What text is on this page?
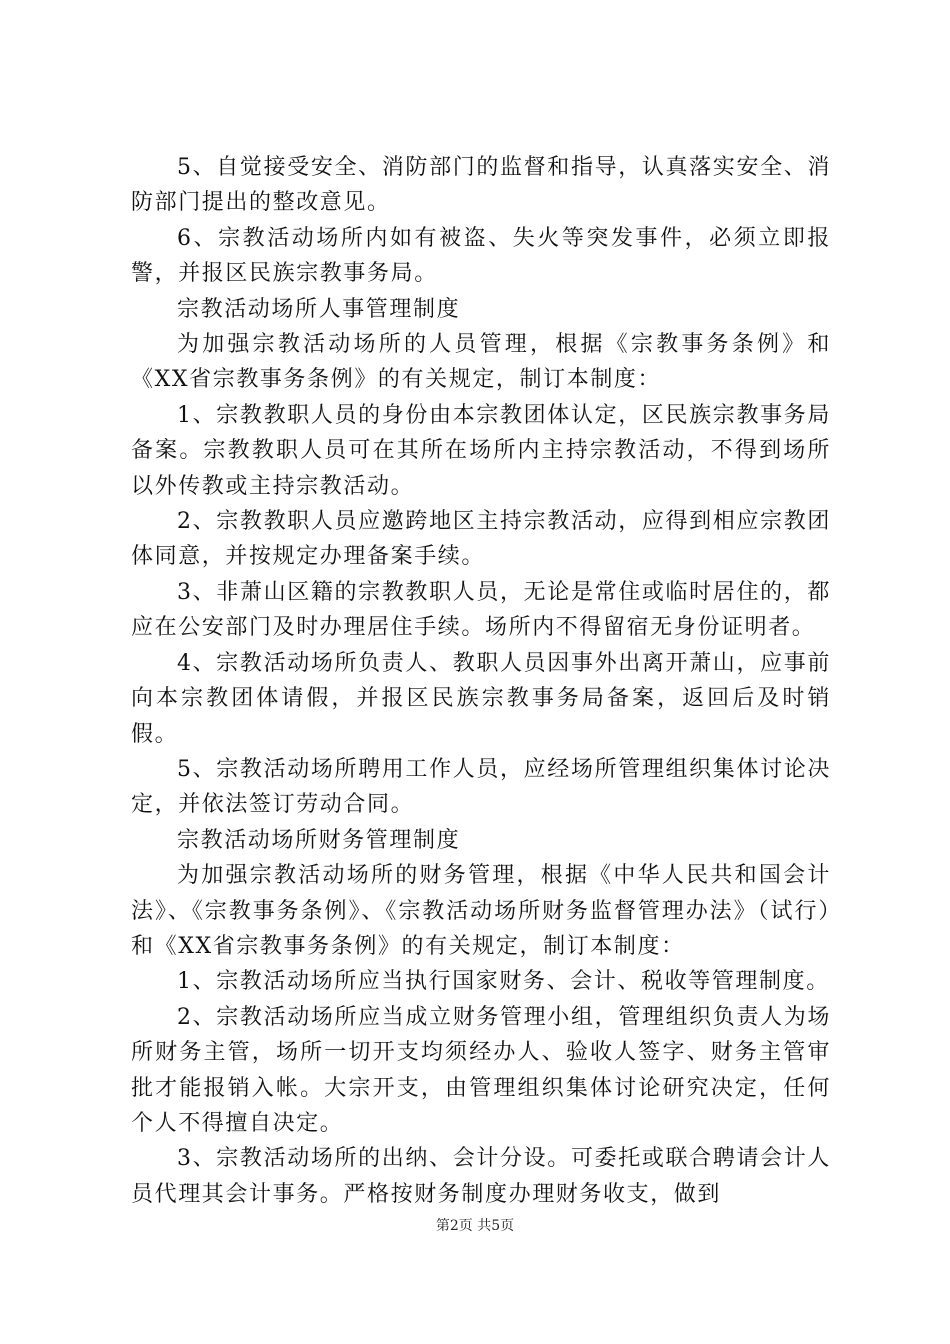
5、自觉接受安全、消防部门的监督和指导，认真落实安全、消防部门提出的整改意见。

6、宗教活动场所内如有被盗、失火等突发事件，必须立即报警，并报区民族宗教事务局。

宗教活动场所人事管理制度

为加强宗教活动场所的人员管理，根据《宗教事务条例》和《XX省宗教事务条例》的有关规定，制订本制度：

1、宗教教职人员的身份由本宗教团体认定，区民族宗教事务局备案。宗教教职人员可在其所在场所内主持宗教活动，不得到场所以外传教或主持宗教活动。

2、宗教教职人员应邀跨地区主持宗教活动，应得到相应宗教团体同意，并按规定办理备案手续。

3、非萧山区籍的宗教教职人员，无论是常住或临时居住的，都应在公安部门及时办理居住手续。场所内不得留宿无身份证明者。

4、宗教活动场所负责人、教职人员因事外出离开萧山，应事前向本宗教团体请假，并报区民族宗教事务局备案，返回后及时销假。

5、宗教活动场所聘用工作人员，应经场所管理组织集体讨论决定，并依法签订劳动合同。

宗教活动场所财务管理制度

为加强宗教活动场所的财务管理，根据《中华人民共和国会计法》、《宗教事务条例》、《宗教活动场所财务监督管理办法》（试行）和《XX省宗教事务条例》的有关规定，制订本制度：

1、宗教活动场所应当执行国家财务、会计、税收等管理制度。

2、宗教活动场所应当成立财务管理小组，管理组织负责人为场所财务主管，场所一切开支均须经办人、验收人签字、财务主管审批才能报销入帐。大宗开支，由管理组织集体讨论研究决定，任何个人不得擅自决定。

3、宗教活动场所的出纳、会计分设。可委托或联合聘请会计人员代理其会计事务。严格按财务制度办理财务收支，做到

第2页 共5页
